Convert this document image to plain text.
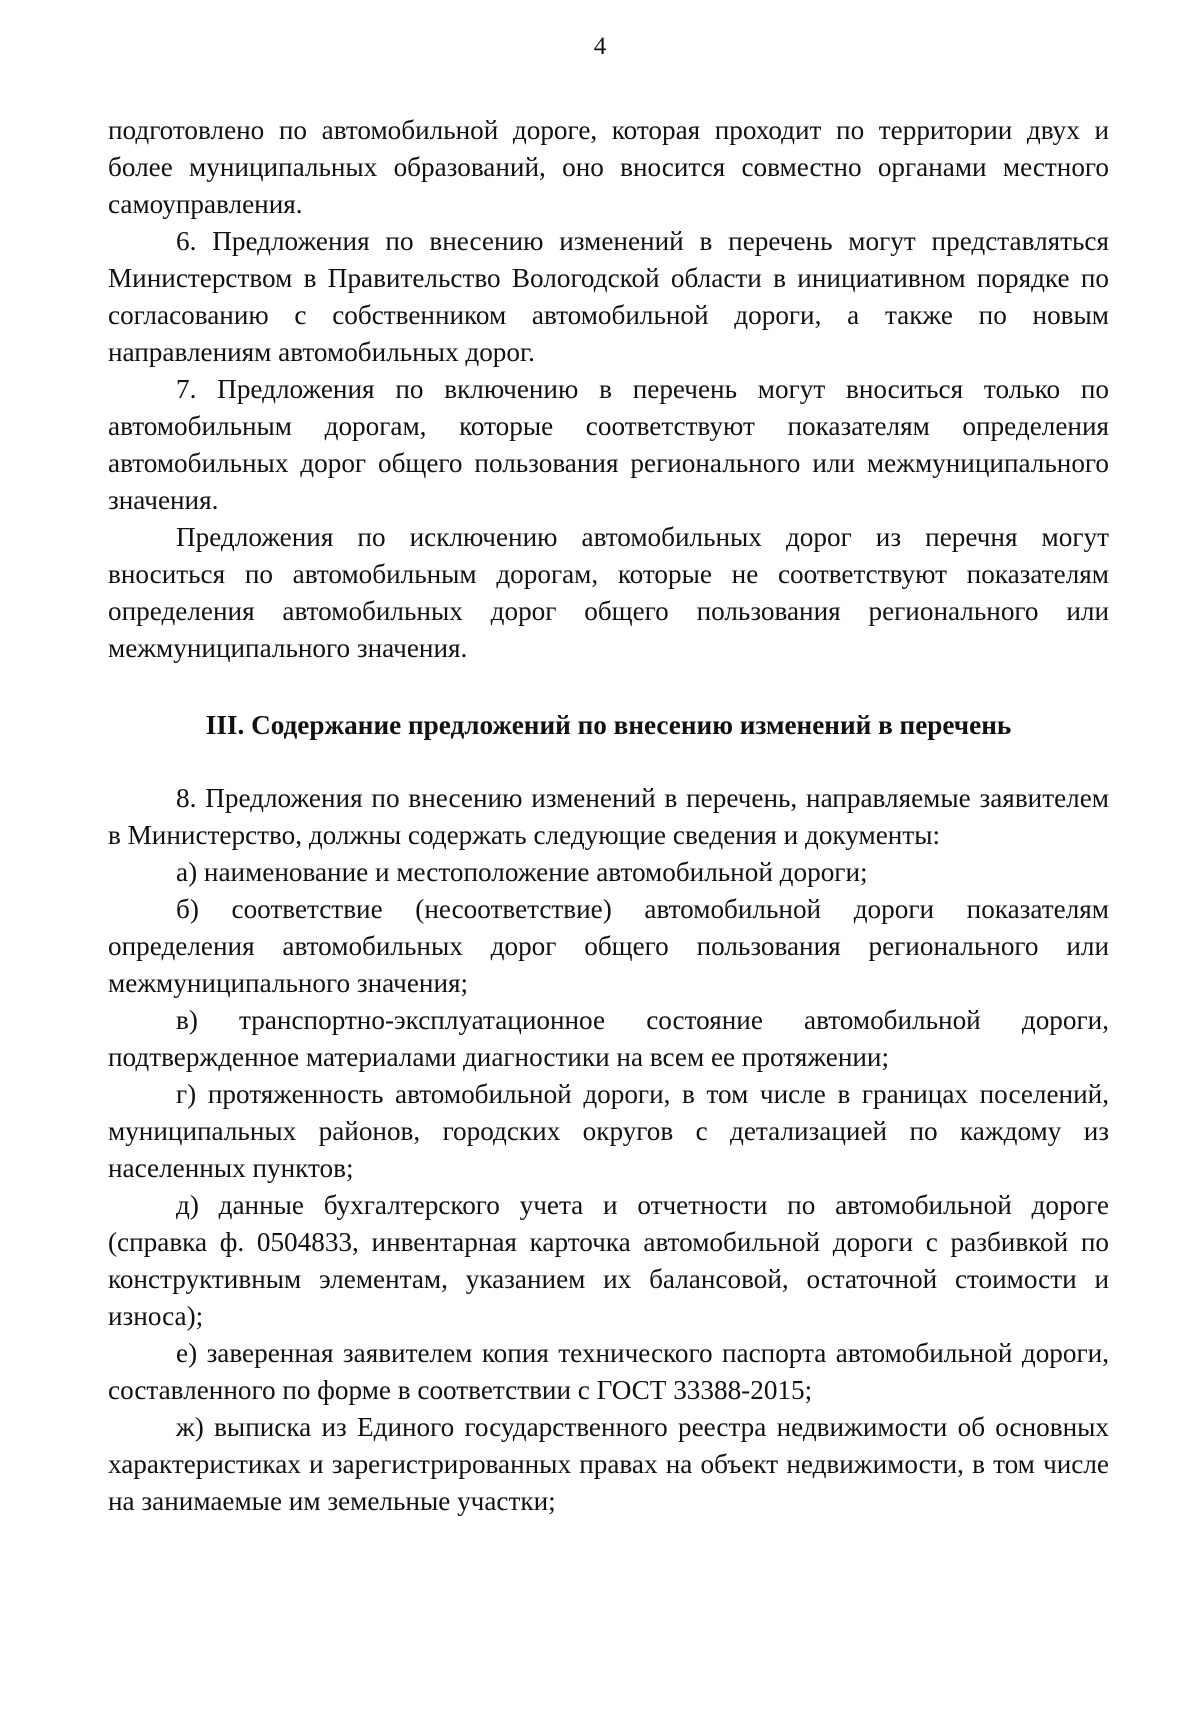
4

подготовлено по автомобильной дороге, которая проходит по территории двух и более муниципальных образований, оно вносится совместно органами местного самоуправления.

6. Предложения по внесению изменений в перечень могут представляться Министерством в Правительство Вологодской области в инициативном порядке по согласованию с собственником автомобильной дороги, а также по новым направлениям автомобильных дорог.

7. Предложения по включению в перечень могут вноситься только по автомобильным дорогам, которые соответствуют показателям определения автомобильных дорог общего пользования регионального или межмуниципального значения.

Предложения по исключению автомобильных дорог из перечня могут вноситься по автомобильным дорогам, которые не соответствуют показателям определения автомобильных дорог общего пользования регионального или межмуниципального значения.

III. Содержание предложений по внесению изменений в перечень

8. Предложения по внесению изменений в перечень, направляемые заявителем в Министерство, должны содержать следующие сведения и документы:

а) наименование и местоположение автомобильной дороги;

б) соответствие (несоответствие) автомобильной дороги показателям определения автомобильных дорог общего пользования регионального или межмуниципального значения;

в) транспортно-эксплуатационное состояние автомобильной дороги, подтвержденное материалами диагностики на всем ее протяжении;

г) протяженность автомобильной дороги, в том числе в границах поселений, муниципальных районов, городских округов с детализацией по каждому из населенных пунктов;

д) данные бухгалтерского учета и отчетности по автомобильной дороге (справка ф. 0504833, инвентарная карточка автомобильной дороги с разбивкой по конструктивным элементам, указанием их балансовой, остаточной стоимости и износа);

е) заверенная заявителем копия технического паспорта автомобильной дороги, составленного по форме в соответствии с ГОСТ 33388-2015;

ж) выписка из Единого государственного реестра недвижимости об основных характеристиках и зарегистрированных правах на объект недвижимости, в том числе на занимаемые им земельные участки;
